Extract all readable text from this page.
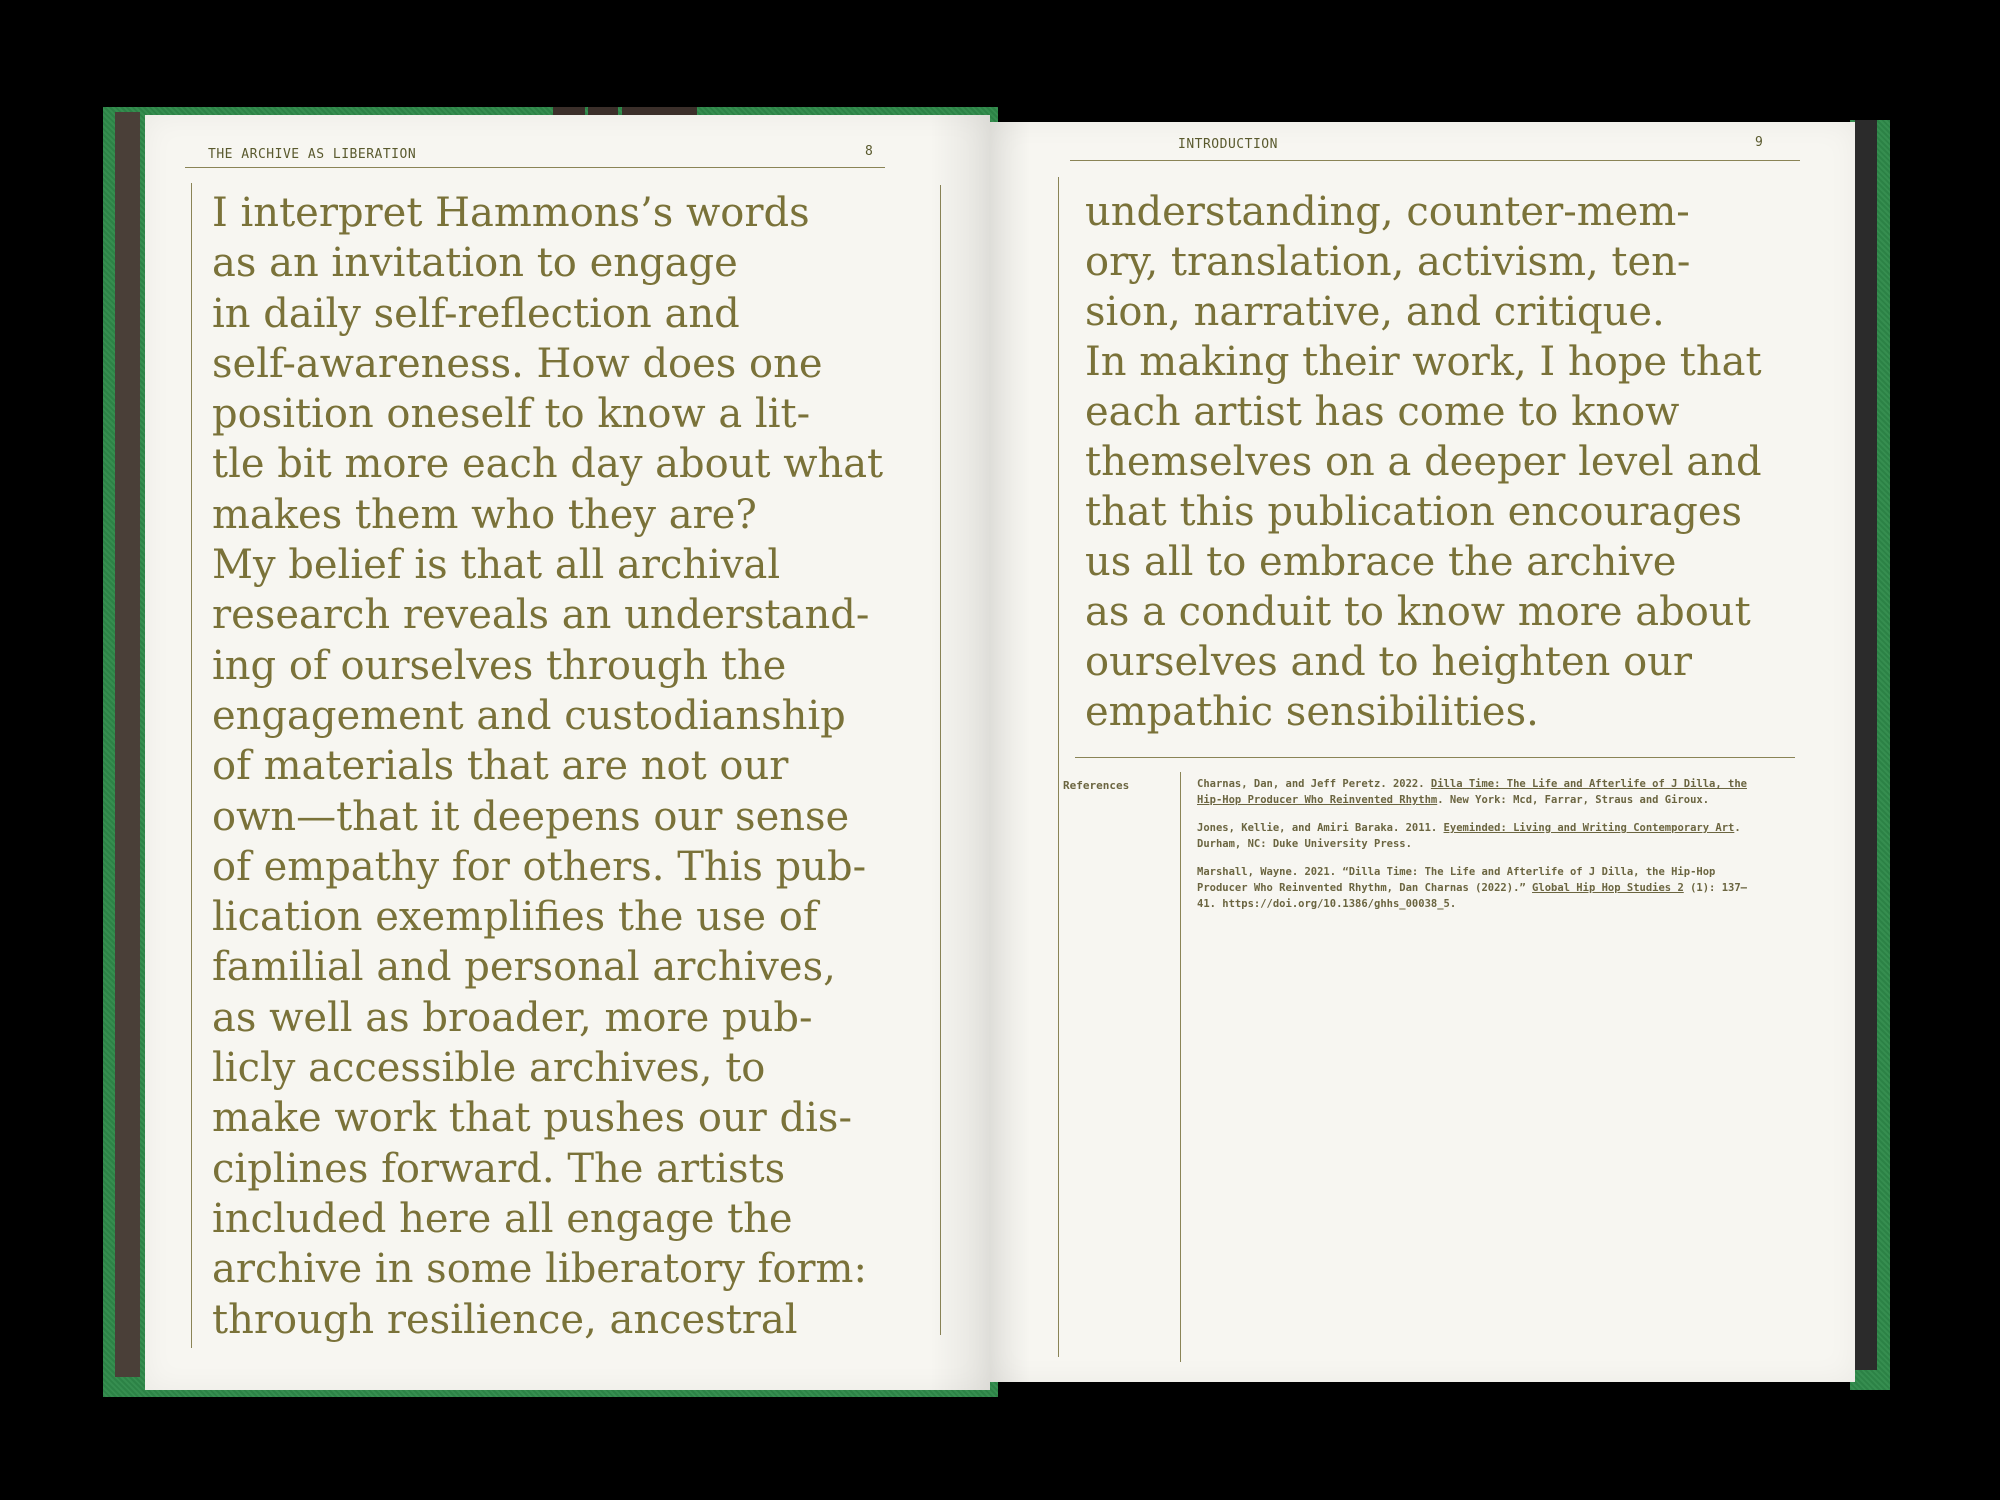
THE ARCHIVE AS LIBERATION	8
I interpret Hammons’s words
as an invitation to engage
in daily self-reflection and
self-awareness. How does one
position oneself to know a lit-
tle bit more each day about what
makes them who they are?
My belief is that all archival
research reveals an understand-
ing of ourselves through the
engagement and custodianship
of materials that are not our
own—that it deepens our sense
of empathy for others. This pub-
lication exemplifies the use of
familial and personal archives,
as well as broader, more pub-
licly accessible archives, to
make work that pushes our dis-
ciplines forward. The artists
included here all engage the
archive in some liberatory form:
through resilience, ancestral
INTRODUCTION	9
understanding, counter-mem-
ory, translation, activism, ten-
sion, narrative, and critique.
In making their work, I hope that
each artist has come to know
themselves on a deeper level and
that this publication encourages
us all to embrace the archive
as a conduit to know more about
ourselves and to heighten our
empathic sensibilities.
References	Charnas, Dan, and Jeff Peretz. 2022. Dilla Time: The Life and Afterlife of J Dilla, the Hip-Hop Producer Who Reinvented Rhythm. New York: Mcd, Farrar, Straus and Giroux.
Jones, Kellie, and Amiri Baraka. 2011. Eyeminded: Living and Writing Contemporary Art. Durham, NC: Duke University Press.
Marshall, Wayne. 2021. “Dilla Time: The Life and Afterlife of J Dilla, the Hip-Hop Producer Who Reinvented Rhythm, Dan Charnas (2022).” Global Hip Hop Studies 2 (1): 137–41. https://doi.org/10.1386/ghhs_00038_5.
